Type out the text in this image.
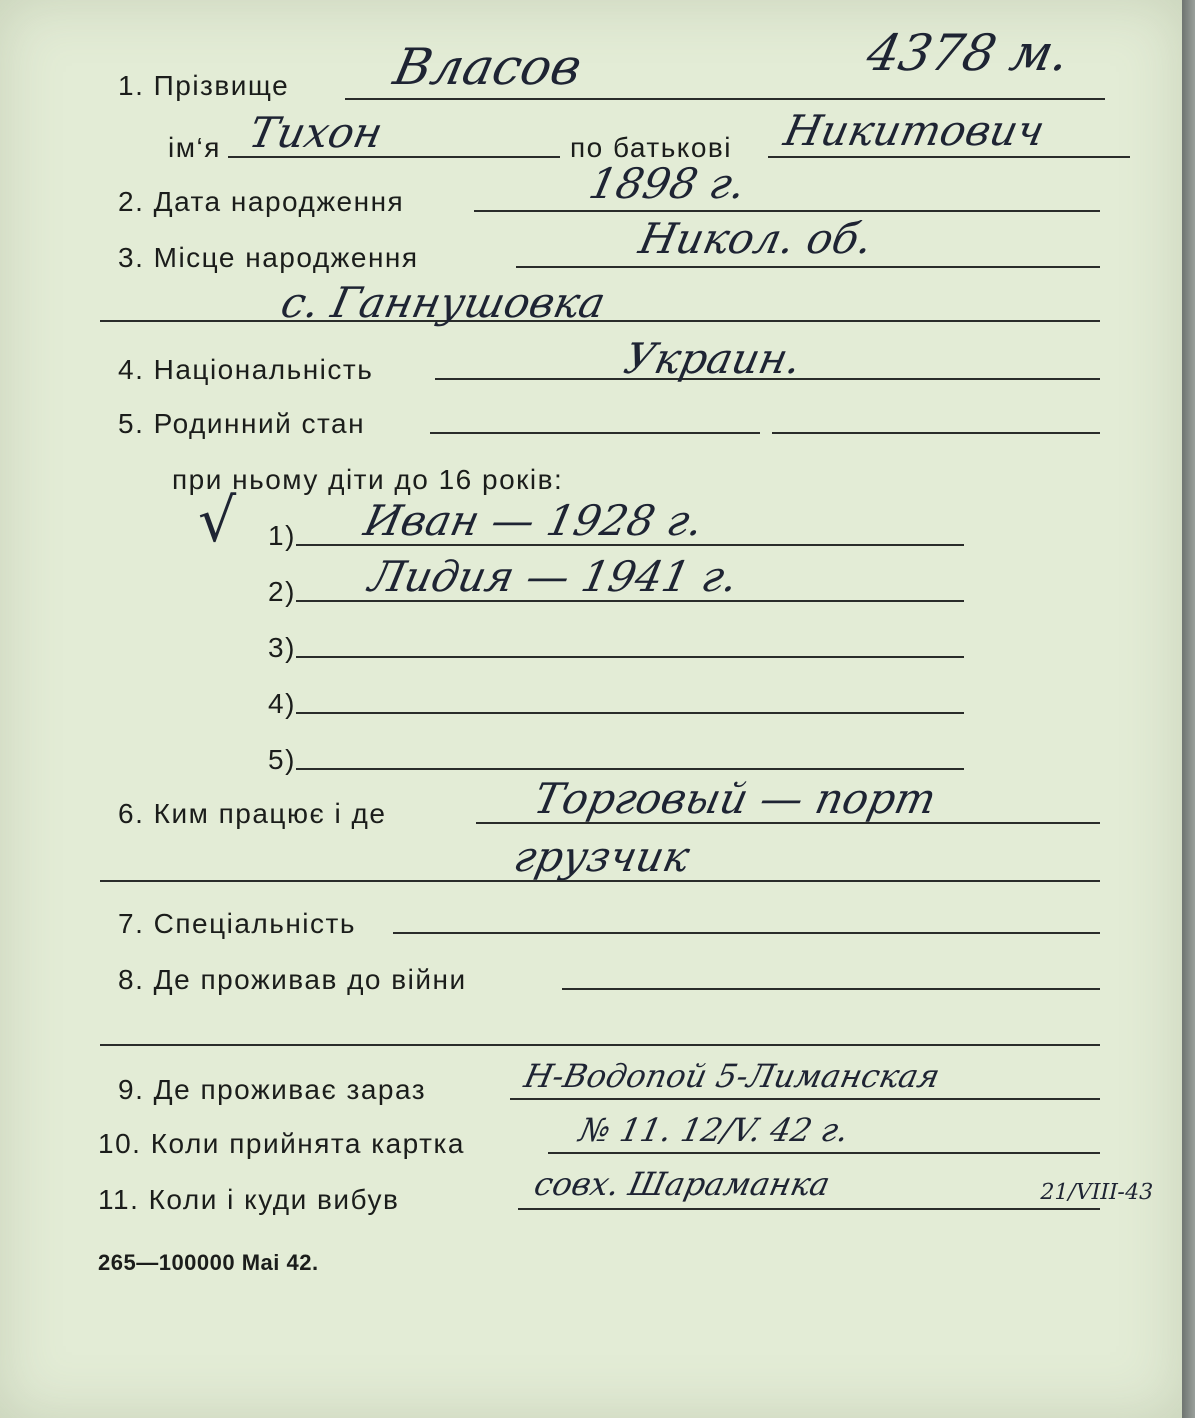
4378 м.
1. Прізвище Власов
ім‘я Тихон	по батькові Никитович
2. Дата народження	1898 г.
3. Місце народження	Никол. об.
с. Ганнушовка
4. Національність	Украин.
5. Родинний стан
при ньому діти до 16 років:
√ 1) Иван — 1928 г.
2) Лидия — 1941 г.
3)
4)
5)
6. Ким працює і де	Торговый — порт
грузчик
7. Спеціальність
8. Де проживав до війни
9. Де проживає зараз	Н-Водопой 5-Лиманская
10. Коли прийнята картка	№ 11. 12/V. 42 г.
11. Коли і куди вибув	совх. Шараманка	21/VIII-43
265—100000 Mai 42.
